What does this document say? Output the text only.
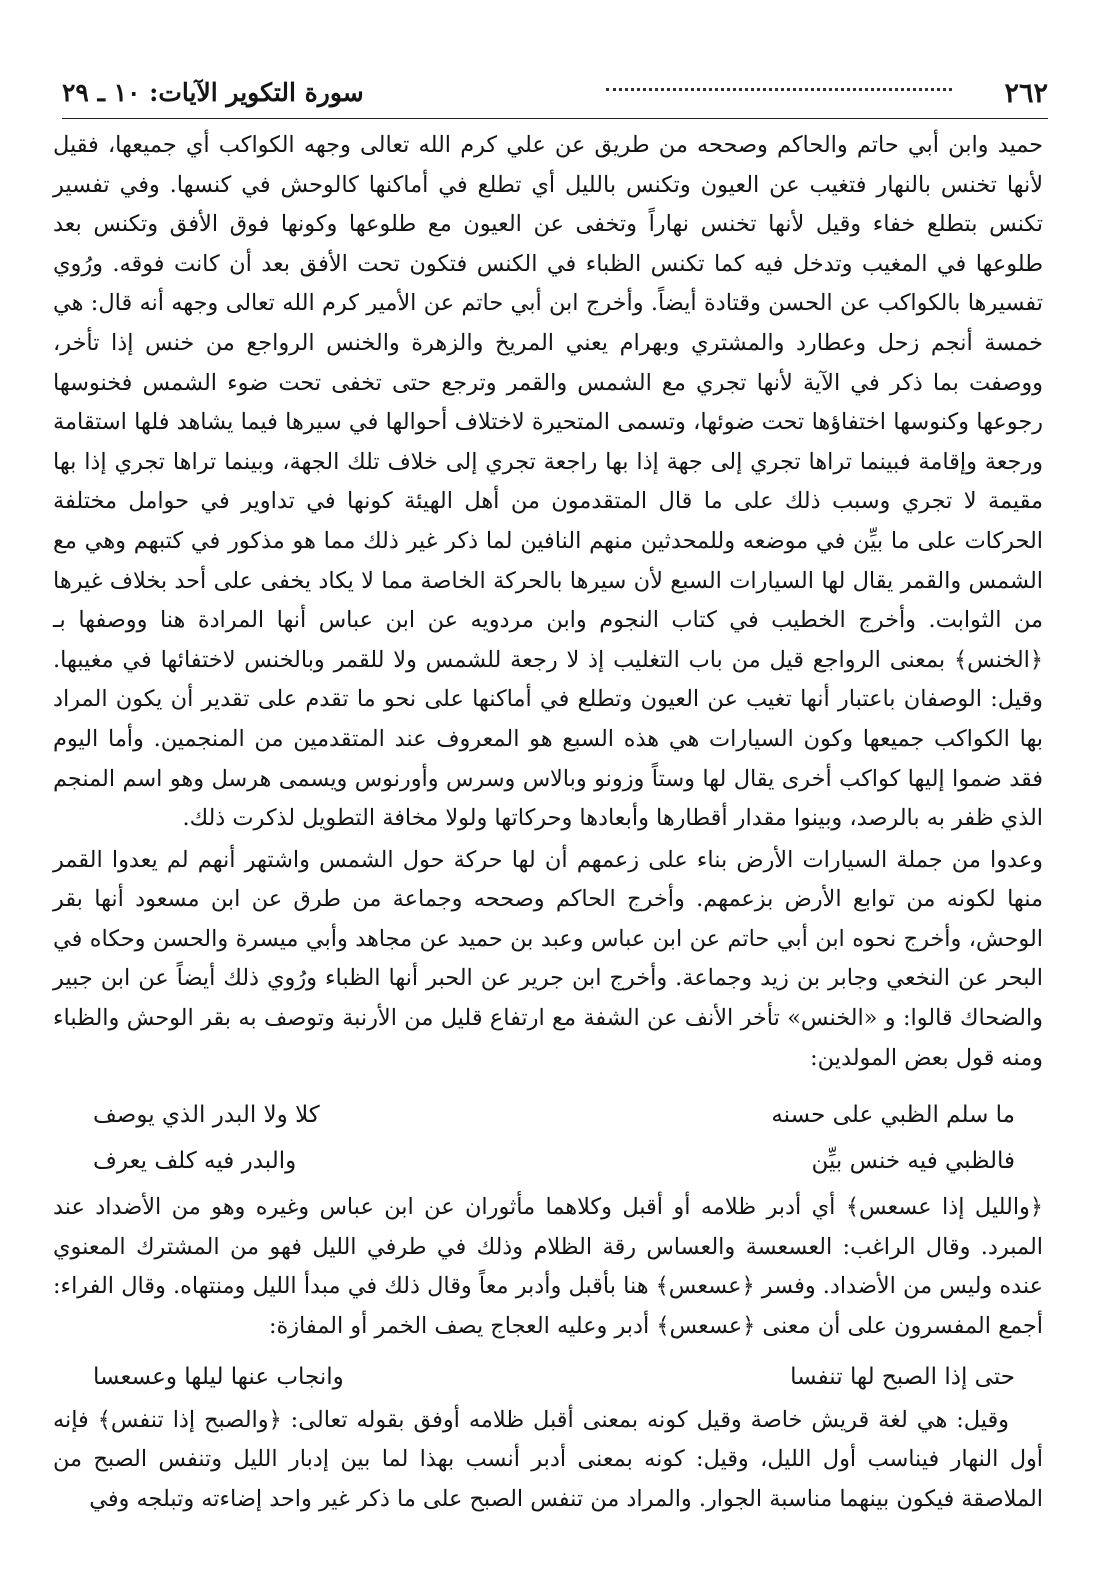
٢٦٢
سورة التكوير الآيات: ١٠ ـ ٢٩

حميد وابن أبي حاتم والحاكم وصححه من طريق عن علي كرم الله تعالى وجهه الكواكب أي جميعها، فقيل لأنها تخنس بالنهار فتغيب عن العيون وتكنس بالليل أي تطلع في أماكنها كالوحش في كنسها. وفي تفسير تكنس بتطلع خفاء وقيل لأنها تخنس نهاراً وتخفى عن العيون مع طلوعها وكونها فوق الأفق وتكنس بعد طلوعها في المغيب وتدخل فيه كما تكنس الظباء في الكنس فتكون تحت الأفق بعد أن كانت فوقه. ورُوي تفسيرها بالكواكب عن الحسن وقتادة أيضاً. وأخرج ابن أبي حاتم عن الأمير كرم الله تعالى وجهه أنه قال: هي خمسة أنجم زحل وعطارد والمشتري وبهرام يعني المريخ والزهرة والخنس الرواجع من خنس إذا تأخر، ووصفت بما ذكر في الآية لأنها تجري مع الشمس والقمر وترجع حتى تخفى تحت ضوء الشمس فخنوسها رجوعها وكنوسها اختفاؤها تحت ضوئها، وتسمى المتحيرة لاختلاف أحوالها في سيرها فيما يشاهد فلها استقامة ورجعة وإقامة فبينما تراها تجري إلى جهة إذا بها راجعة تجري إلى خلاف تلك الجهة، وبينما تراها تجري إذا بها مقيمة لا تجري وسبب ذلك على ما قال المتقدمون من أهل الهيئة كونها في تداوير في حوامل مختلفة الحركات على ما بيِّن في موضعه وللمحدثين منهم النافين لما ذكر غير ذلك مما هو مذكور في كتبهم وهي مع الشمس والقمر يقال لها السيارات السبع لأن سيرها بالحركة الخاصة مما لا يكاد يخفى على أحد بخلاف غيرها من الثوابت. وأخرج الخطيب في كتاب النجوم وابن مردويه عن ابن عباس أنها المرادة هنا ووصفها بـ ﴿الخنس﴾ بمعنى الرواجع قيل من باب التغليب إذ لا رجعة للشمس ولا للقمر وبالخنس لاختفائها في مغيبها. وقيل: الوصفان باعتبار أنها تغيب عن العيون وتطلع في أماكنها على نحو ما تقدم على تقدير أن يكون المراد بها الكواكب جميعها وكون السيارات هي هذه السبع هو المعروف عند المتقدمين من المنجمين. وأما اليوم فقد ضموا إليها كواكب أخرى يقال لها وستاً وزونو وبالاس وسرس وأورنوس ويسمى هرسل وهو اسم المنجم الذي ظفر به بالرصد، وبينوا مقدار أقطارها وأبعادها وحركاتها ولولا مخافة التطويل لذكرت ذلك.

وعدوا من جملة السيارات الأرض بناء على زعمهم أن لها حركة حول الشمس واشتهر أنهم لم يعدوا القمر منها لكونه من توابع الأرض بزعمهم. وأخرج الحاكم وصححه وجماعة من طرق عن ابن مسعود أنها بقر الوحش، وأخرج نحوه ابن أبي حاتم عن ابن عباس وعبد بن حميد عن مجاهد وأبي ميسرة والحسن وحكاه في البحر عن النخعي وجابر بن زيد وجماعة. وأخرج ابن جرير عن الحبر أنها الظباء ورُوي ذلك أيضاً عن ابن جبير والضحاك قالوا: و «الخنس» تأخر الأنف عن الشفة مع ارتفاع قليل من الأرنبة وتوصف به بقر الوحش والظباء ومنه قول بعض المولدين:

ما سلم الظبي على حسنه
كلا ولا البدر الذي يوصف
فالظبي فيه خنس بيِّن
والبدر فيه كلف يعرف

﴿والليل إذا عسعس﴾ أي أدبر ظلامه أو أقبل وكلاهما مأثوران عن ابن عباس وغيره وهو من الأضداد عند المبرد. وقال الراغب: العسعسة والعساس رقة الظلام وذلك في طرفي الليل فهو من المشترك المعنوي عنده وليس من الأضداد. وفسر ﴿عسعس﴾ هنا بأقبل وأدبر معاً وقال ذلك في مبدأ الليل ومنتهاه. وقال الفراء: أجمع المفسرون على أن معنى ﴿عسعس﴾ أدبر وعليه العجاج يصف الخمر أو المفازة:

حتى إذا الصبح لها تنفسا
وانجاب عنها ليلها وعسعسا

وقيل: هي لغة قريش خاصة وقيل كونه بمعنى أقبل ظلامه أوفق بقوله تعالى: ﴿والصبح إذا تنفس﴾ فإنه أول النهار فيناسب أول الليل، وقيل: كونه بمعنى أدبر أنسب بهذا لما بين إدبار الليل وتنفس الصبح من الملاصقة فيكون بينهما مناسبة الجوار. والمراد من تنفس الصبح على ما ذكر غير واحد إضاءته وتبلجه وفي
